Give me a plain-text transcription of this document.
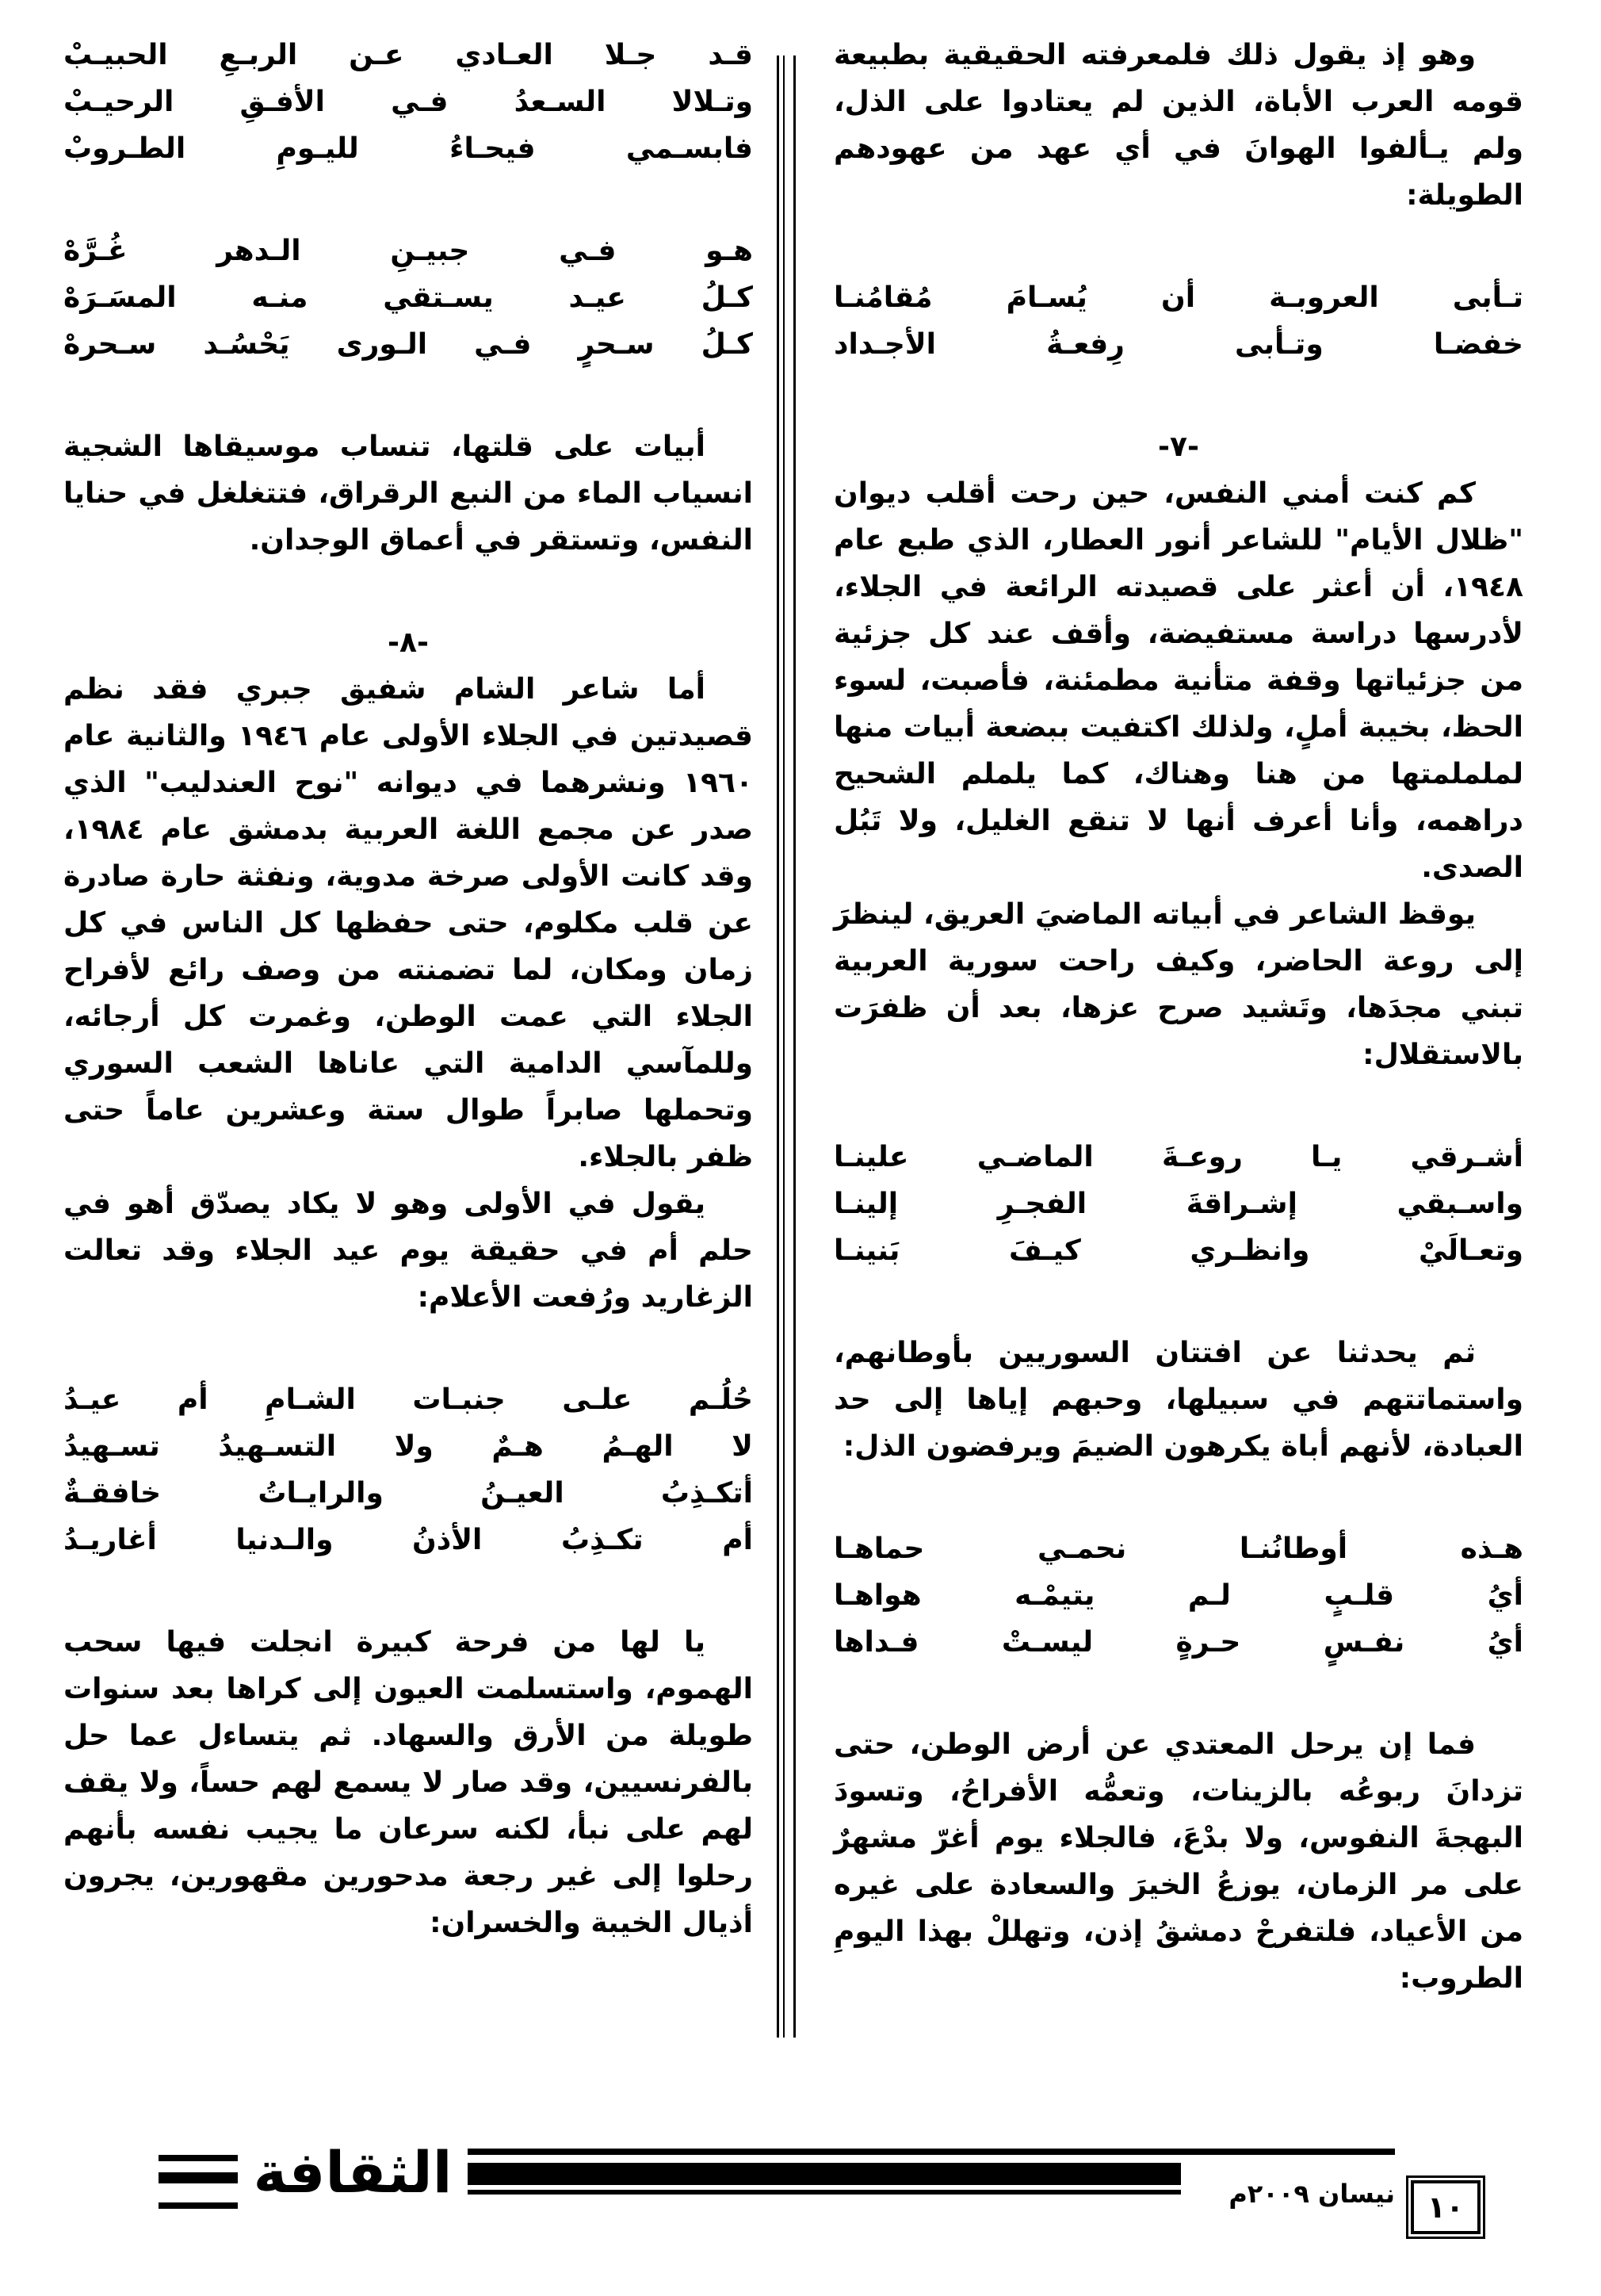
وهو إذ يقول ذلك فلمعرفته الحقيقية بطبيعة قومه العرب الأباة، الذين لم يعتادوا على الذل، ولم يـألفوا الهوانَ في أي عهد من عهودهم الطويلة:

تـأبى العروبـة أن يُسـامَ مُقامُنـا
خفضـا وتـأبى رِفعـةُ الأجـداد
-٧-

كم كنت أمني النفس، حين رحت أقلب ديوان "ظلال الأيام" للشاعر أنور العطار، الذي طبع عام ١٩٤٨، أن أعثر على قصيدته الرائعة في الجلاء، لأدرسها دراسة مستفيضة، وأقف عند كل جزئية من جزئياتها وقفة متأنية مطمئنة، فأصبت، لسوء الحظ، بخيبة أملٍ، ولذلك اكتفيت ببضعة أبيات منها لململمتها من هنا وهناك، كما يلملم الشحيح دراهمه، وأنا أعرف أنها لا تنقع الغليل، ولا تَبُل الصدى.

يوقظ الشاعر في أبياته الماضيَ العريق، لينظرَ إلى روعة الحاضر، وكيف راحت سورية العربية تبني مجدَها، وتَشيد صرح عزها، بعد أن ظفرَت بالاستقلال:

أشـرقي يـا روعـةَ الماضـي علينـا
واسـبقي إشـراقةَ الفجـرِ إلينـا
وتعـالَيْ وانظـري كيـفَ بَنينـا

ثم يحدثنا عن افتتان السوريين بأوطانهم، واستماتتهم في سبيلها، وحبهم إياها إلى حد العبادة، لأنهم أباة يكرهون الضيمَ ويرفضون الذل:

هـذه أوطانُنـا نحمـي حماهـا
أيُ قلـبٍ لـم يتيمْـه هواهـا
أيُ نفـسٍ حـرةٍ ليسـتْ فـداها

فما إن يرحل المعتدي عن أرض الوطن، حتى تزدانَ ربوعُه بالزينات، وتعمُّه الأفراحُ، وتسودَ البهجةَ النفوس، ولا بدْعَ، فالجلاء يوم أغرّ مشهرٌ على مر الزمان، يوزعُ الخيرَ والسعادة على غيره من الأعياد، فلتفرحْ دمشقُ إذن، وتهللْ بهذا اليومِ الطروب:

قـد جـلا العـادي عـن الربـعِ الحبيـبْ
وتـلالا السـعدُ فـي الأفـقِ الرحيـبْ
فابسـمي فيحـاءُ لليـومِ الطـروبْ
هـو فـي جبيـنِ الـدهر غُـرَّهْ
كـلُ عيـد يسـتقي منـه المسَـرَهْ
كـلُ سـحرٍ فـي الـورى يَحْسُـد سـحرهْ

أبيات على قلتها، تنساب موسيقاها الشجية انسياب الماء من النبع الرقراق، فتتغلغل في حنايا النفس، وتستقر في أعماق الوجدان.

-٨-

أما شاعر الشام شفيق جبري فقد نظم قصيدتين في الجلاء الأولى عام ١٩٤٦ والثانية عام ١٩٦٠ ونشرهما في ديوانه "نوح العندليب" الذي صدر عن مجمع اللغة العربية بدمشق عام ١٩٨٤، وقد كانت الأولى صرخة مدوية، ونفثة حارة صادرة عن قلب مكلوم، حتى حفظها كل الناس في كل زمان ومكان، لما تضمنته من وصف رائع لأفراح الجلاء التي عمت الوطن، وغمرت كل أرجائه، وللمآسي الدامية التي عاناها الشعب السوري وتحملها صابراً طوال ستة وعشرين عاماً حتى ظفر بالجلاء.

يقول في الأولى وهو لا يكاد يصدّق أهو في حلم أم في حقيقة يوم عيد الجلاء وقد تعالت الزغاريد ورُفعت الأعلام:

حُلُـم علـى جنبـات الشـامِ أم عيـدُ
لا الهـمُ هـمٌ ولا التسـهيدُ تسـهيدُ
أتكـذِبُ العيـنُ والرايـاتُ خافقـةٌ
أم تكـذِبُ الأذنُ والـدنيا أغاريـدُ

يا لها من فرحة كبيرة انجلت فيها سحب الهموم، واستسلمت العيون إلى كراها بعد سنوات طويلة من الأرق والسهاد. ثم يتساءل عما حل بالفرنسيين، وقد صار لا يسمع لهم حساً، ولا يقف لهم على نبأ، لكنه سرعان ما يجيب نفسه بأنهم رحلوا إلى غير رجعة مدحورين مقهورين، يجرون أذيال الخيبة والخسران:

الثقافة	نيسان ٢٠٠٩م	١٠
